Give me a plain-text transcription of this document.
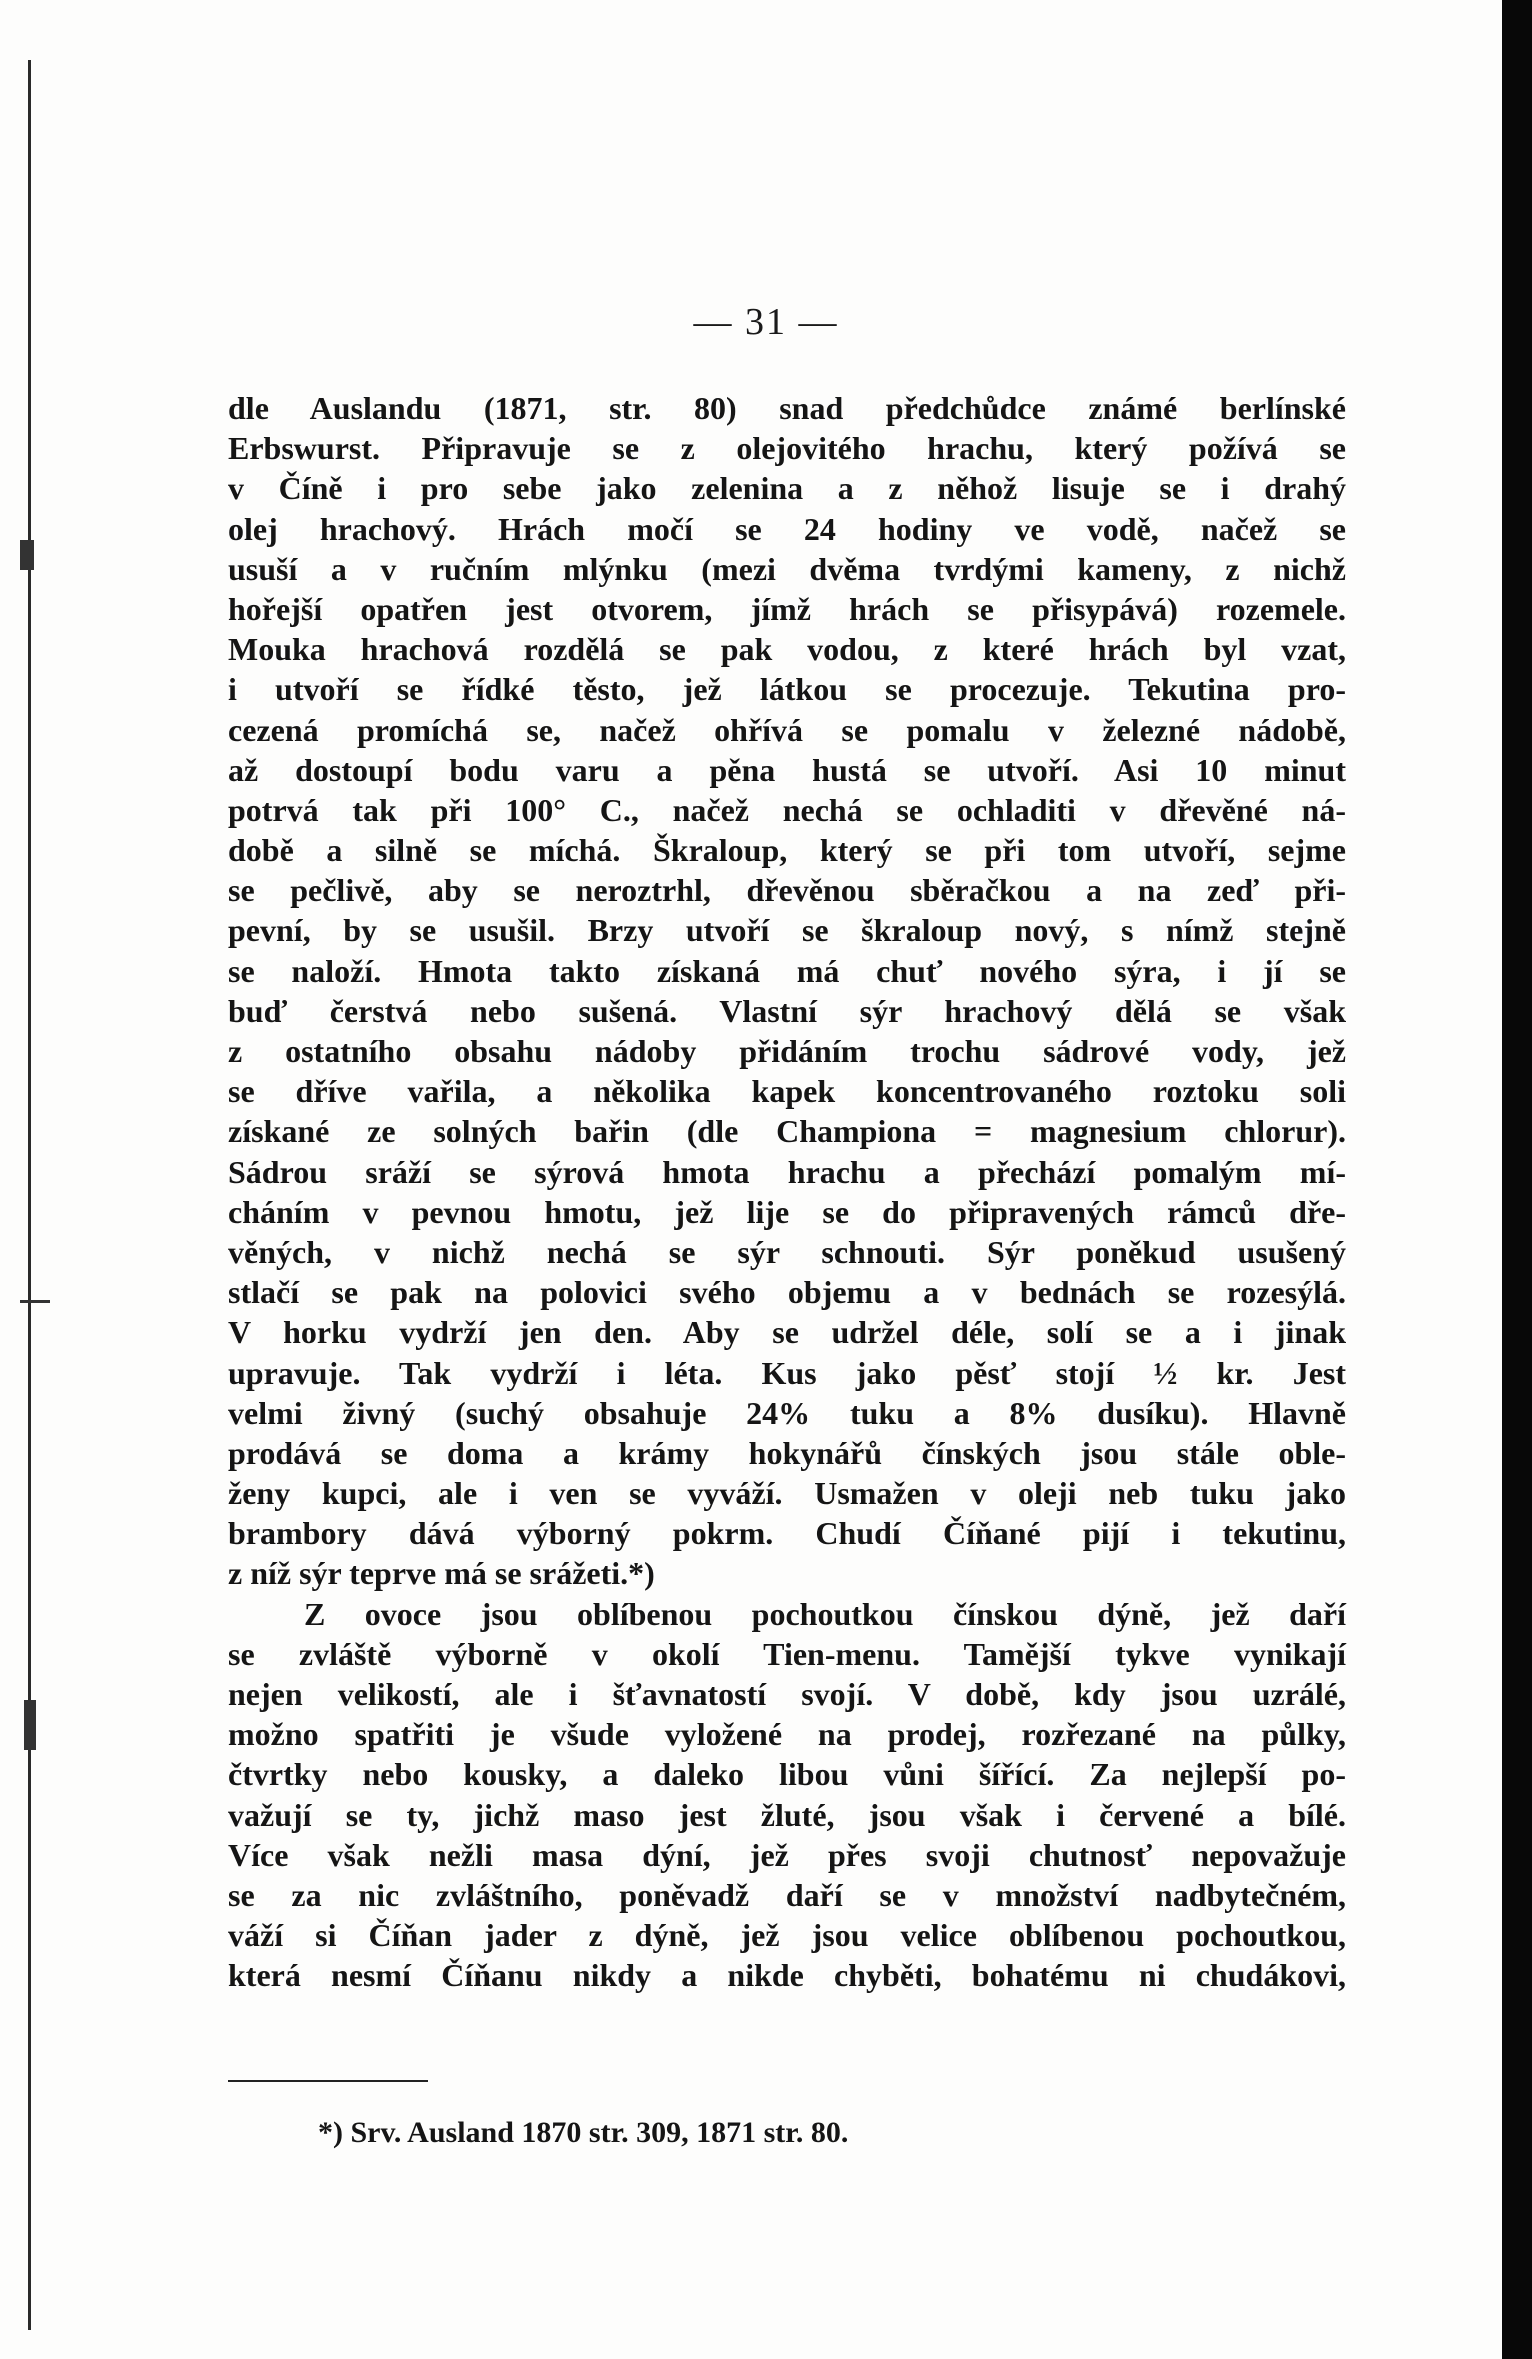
— 31 —
dle Auslandu (1871, str. 80) snad předchůdce známé berlínské
Erbswurst. Připravuje se z olejovitého hrachu, který požívá se
v Číně i pro sebe jako zelenina a z něhož lisuje se i drahý
olej hrachový. Hrách močí se 24 hodiny ve vodě, načež se
usuší a v ručním mlýnku (mezi dvěma tvrdými kameny, z nichž
hořejší opatřen jest otvorem, jímž hrách se přisypává) rozemele.
Mouka hrachová rozdělá se pak vodou, z které hrách byl vzat,
i utvoří se řídké těsto, jež látkou se procezuje. Tekutina pro-
cezená promíchá se, načež ohřívá se pomalu v železné nádobě,
až dostoupí bodu varu a pěna hustá se utvoří. Asi 10 minut
potrvá tak při 100° C., načež nechá se ochladiti v dřevěné ná-
době a silně se míchá. Škraloup, který se při tom utvoří, sejme
se pečlivě, aby se neroztrhl, dřevěnou sběračkou a na zeď při-
pevní, by se usušil. Brzy utvoří se škraloup nový, s nímž stejně
se naloží. Hmota takto získaná má chuť nového sýra, i jí se
buď čerstvá nebo sušená. Vlastní sýr hrachový dělá se však
z ostatního obsahu nádoby přidáním trochu sádrové vody, jež
se dříve vařila, a několika kapek koncentrovaného roztoku soli
získané ze solných bařin (dle Championa = magnesium chlorur).
Sádrou sráží se sýrová hmota hrachu a přechází pomalým mí-
cháním v pevnou hmotu, jež lije se do připravených rámců dře-
věných, v nichž nechá se sýr schnouti. Sýr poněkud usušený
stlačí se pak na polovici svého objemu a v bednách se rozesýlá.
V horku vydrží jen den. Aby se udržel déle, solí se a i jinak
upravuje. Tak vydrží i léta. Kus jako pěsť stojí ½ kr. Jest
velmi živný (suchý obsahuje 24% tuku a 8% dusíku). Hlavně
prodává se doma a krámy hokynářů čínských jsou stále oble-
ženy kupci, ale i ven se vyváží. Usmažen v oleji neb tuku jako
brambory dává výborný pokrm. Chudí Číňané pijí i tekutinu,
z níž sýr teprve má se srážeti.*)
Z ovoce jsou oblíbenou pochoutkou čínskou dýně, jež daří
se zvláště výborně v okolí Tien-menu. Tamější tykve vynikají
nejen velikostí, ale i šťavnatostí svojí. V době, kdy jsou uzrálé,
možno spatřiti je všude vyložené na prodej, rozřezané na půlky,
čtvrtky nebo kousky, a daleko libou vůni šířící. Za nejlepší po-
važují se ty, jichž maso jest žluté, jsou však i červené a bílé.
Více však nežli masa dýní, jež přes svoji chutnosť nepovažuje
se za nic zvláštního, poněvadž daří se v množství nadbytečném,
váží si Číňan jader z dýně, jež jsou velice oblíbenou pochoutkou,
která nesmí Číňanu nikdy a nikde chyběti, bohatému ni chudákovi,
*) Srv. Ausland 1870 str. 309, 1871 str. 80.
